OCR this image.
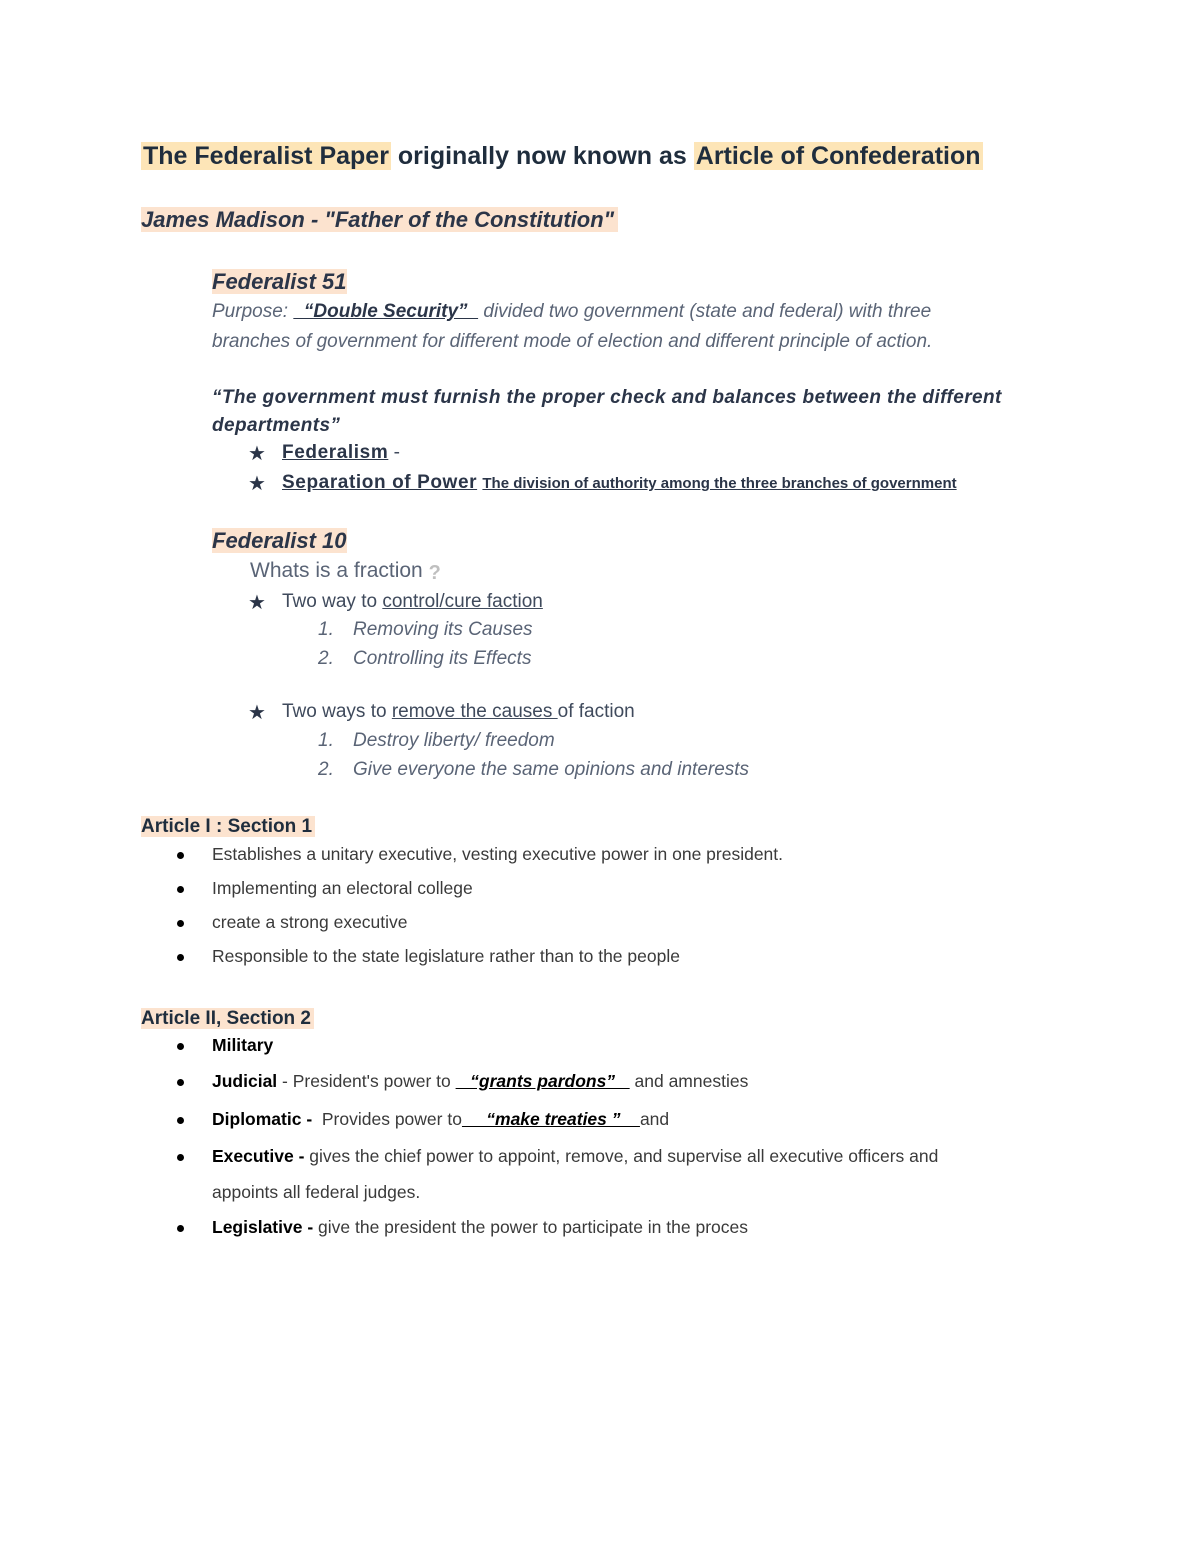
The Federalist Paper originally now known as Article of Confederation
James Madison - "Father of the Constitution"
Federalist 51
Purpose:   “Double Security”   divided two government (state and federal) with three
branches of government for different mode of election and different principle of action.
“The government must furnish the proper check and balances between the different departments”
★ Federalism -
★ Separation of Power The division of authority among the three branches of government
Federalist 10
Whats is a fraction ?
★ Two way to control/cure faction
1. Removing its Causes
2. Controlling its Effects
★ Two ways to remove the causes of faction
1. Destroy liberty/ freedom
2. Give everyone the same opinions and interests
Article I : Section 1
Establishes a unitary executive, vesting executive power in one president.
Implementing an electoral college
create a strong executive
Responsible to the state legislature rather than to the people
Article II, Section 2
Military
Judicial - President's power to    “grants pardons”    and amnesties
Diplomatic -  Provides power to     “make treaties ”    and
Executive - gives the chief power to appoint, remove, and supervise all executive officers and
appoints all federal judges.
Legislative - give the president the power to participate in the proces
